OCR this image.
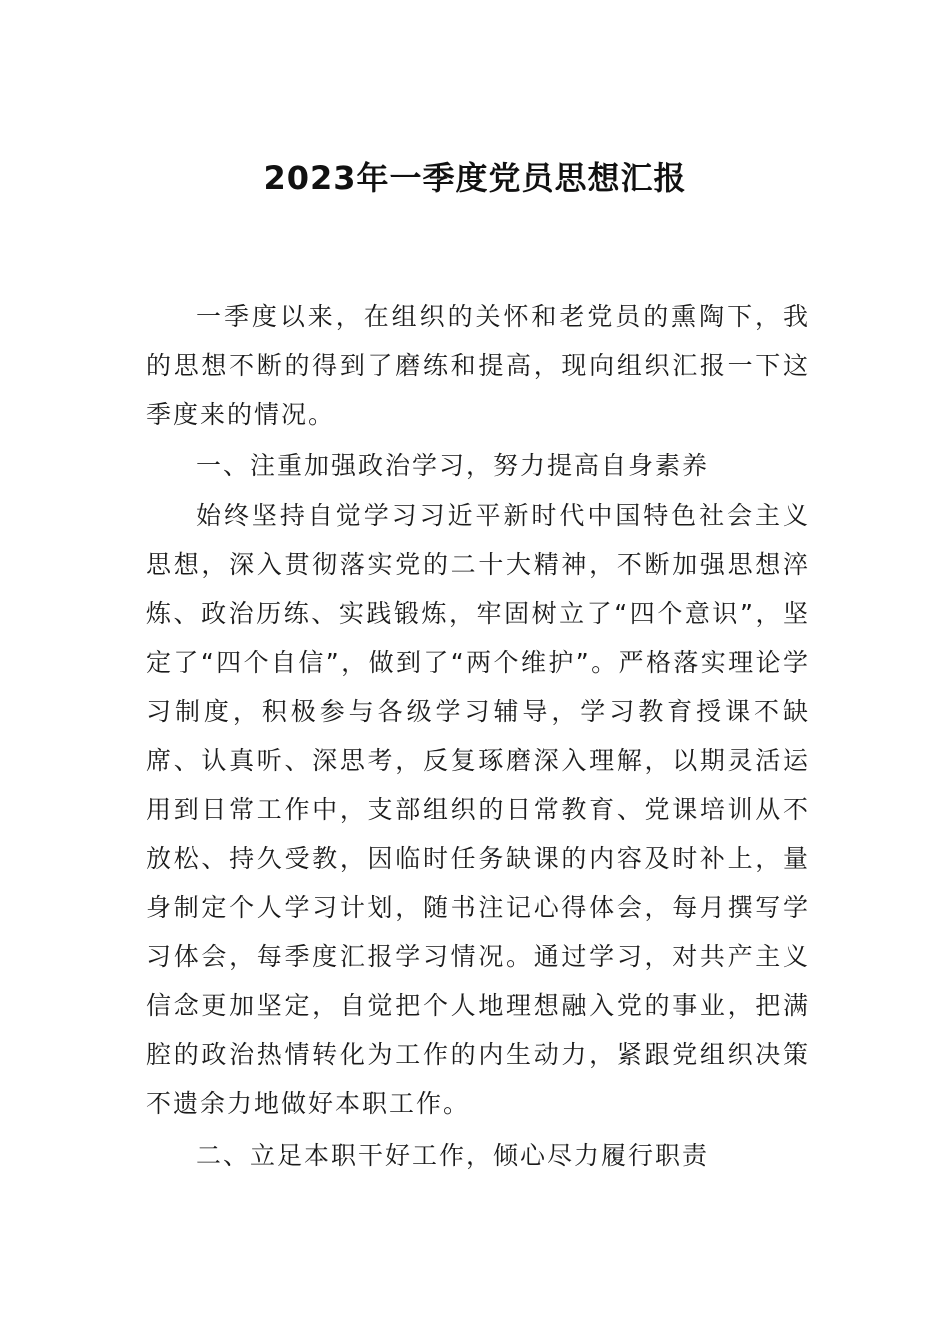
2023年一季度党员思想汇报

一季度以来，在组织的关怀和老党员的熏陶下，我的思想不断的得到了磨练和提高，现向组织汇报一下这季度来的情况。

一、注重加强政治学习，努力提高自身素养

始终坚持自觉学习习近平新时代中国特色社会主义思想，深入贯彻落实党的二十大精神，不断加强思想淬炼、政治历练、实践锻炼，牢固树立了“四个意识”，坚定了“四个自信”，做到了“两个维护”。严格落实理论学习制度，积极参与各级学习辅导，学习教育授课不缺席、认真听、深思考，反复琢磨深入理解，以期灵活运用到日常工作中，支部组织的日常教育、党课培训从不放松、持久受教，因临时任务缺课的内容及时补上，量身制定个人学习计划，随书注记心得体会，每月撰写学习体会，每季度汇报学习情况。通过学习，对共产主义信念更加坚定，自觉把个人地理想融入党的事业，把满腔的政治热情转化为工作的内生动力，紧跟党组织决策不遗余力地做好本职工作。

二、立足本职干好工作，倾心尽力履行职责
